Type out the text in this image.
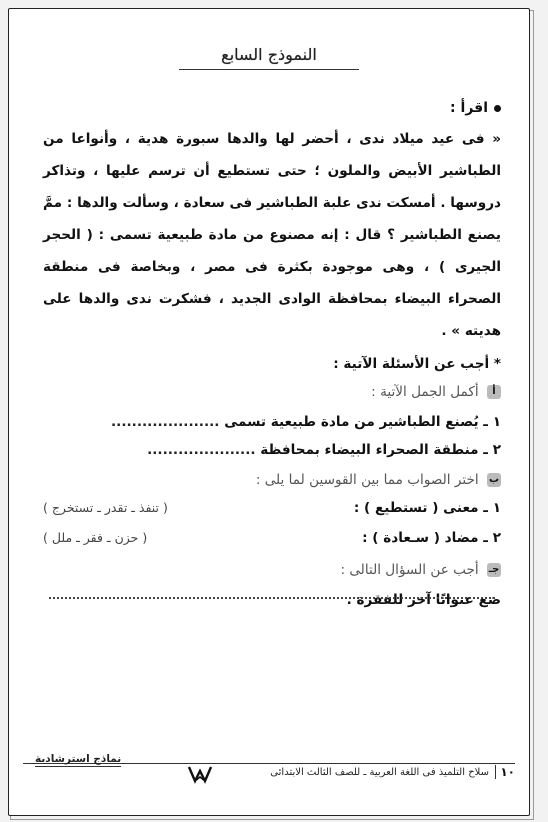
النموذج السابع
اقرأ :
« فى عيد ميلاد ندى ، أحضر لها والدها سبورة هدية ، وأنواعا من الطباشير الأبيض والملون ؛ حتى تستطيع أن ترسم عليها ، وتذاكر دروسها . أمسكت ندى علبة الطباشير فى سعادة ، وسألت والدها : ممَّ يصنع الطباشير ؟ قال : إنه مصنوع من مادة طبيعية تسمى : ( الحجر الجيرى ) ، وهى موجودة بكثرة فى مصر ، وبخاصة فى منطقة الصحراء البيضاء بمحافظة الوادى الجديد ، فشكرت ندى والدها على هديته » .
* أجب عن الأسئلة الآتية :
أ أكمل الجمل الآتية :
١ ـ يُصنع الطباشير من مادة طبيعية تسمى .....................
٢ ـ منطقة الصحراء البيضاء بمحافظة .....................
ب اختر الصواب مما بين القوسين لما يلى :
١ ـ معنى ( تستطيع ) :
( تنفذ ـ تقدر ـ تستخرج )
٢ ـ مضاد ( سـعادة ) :
( حزن ـ فقر ـ ملل )
جـ أجب عن السؤال التالى :
ضع عنوانًا آخر للفقرة .
نماذج استرشادية
سلاح التلميذ فى اللغة العربية ـ للصف الثالث الابتدائى ١٠
